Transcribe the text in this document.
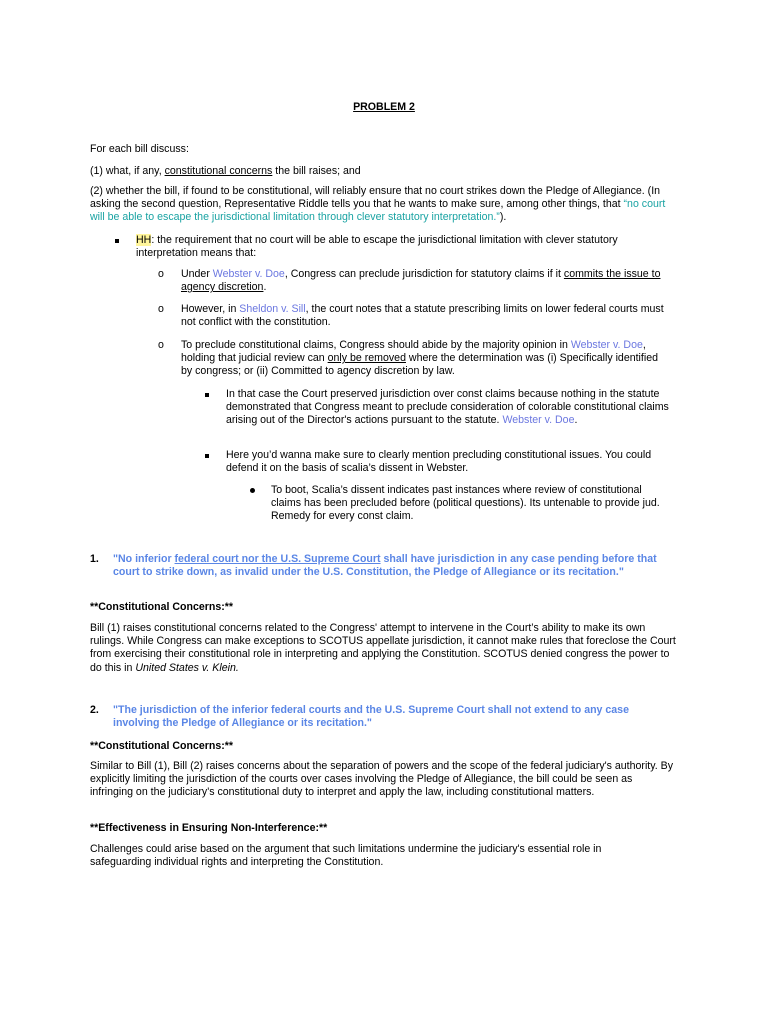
PROBLEM 2
For each bill discuss:
(1) what, if any, constitutional concerns the bill raises; and
(2) whether the bill, if found to be constitutional, will reliably ensure that no court strikes down the Pledge of Allegiance. (In asking the second question, Representative Riddle tells you that he wants to make sure, among other things, that “no court will be able to escape the jurisdictional limitation through clever statutory interpretation.”).
HH: the requirement that no court will be able to escape the jurisdictional limitation with clever statutory interpretation means that:
o Under Webster v. Doe, Congress can preclude jurisdiction for statutory claims if it commits the issue to agency discretion.
o However, in Sheldon v. Sill, the court notes that a statute prescribing limits on lower federal courts must not conflict with the constitution.
o To preclude constitutional claims, Congress should abide by the majority opinion in Webster v. Doe, holding that judicial review can only be removed where the determination was (i) Specifically identified by congress; or (ii) Committed to agency discretion by law.
In that case the Court preserved jurisdiction over const claims because nothing in the statute demonstrated that Congress meant to preclude consideration of colorable constitutional claims arising out of the Director's actions pursuant to the statute. Webster v. Doe.
Here you’d wanna make sure to clearly mention precluding constitutional issues. You could defend it on the basis of scalia’s dissent in Webster.
To boot, Scalia’s dissent indicates past instances where review of constitutional claims has been precluded before (political questions). Its untenable to provide jud. Remedy for every const claim.
1. "No inferior federal court nor the U.S. Supreme Court shall have jurisdiction in any case pending before that court to strike down, as invalid under the U.S. Constitution, the Pledge of Allegiance or its recitation."
**Constitutional Concerns:**
Bill (1) raises constitutional concerns related to the Congress' attempt to intervene in the Court’s ability to make its own rulings. While Congress can make exceptions to SCOTUS appellate jurisdiction, it cannot make rules that foreclose the Court from exercising their constitutional role in interpreting and applying the Constitution. SCOTUS denied congress the power to do this in United States v. Klein.
2. "The jurisdiction of the inferior federal courts and the U.S. Supreme Court shall not extend to any case involving the Pledge of Allegiance or its recitation."
**Constitutional Concerns:**
Similar to Bill (1), Bill (2) raises concerns about the separation of powers and the scope of the federal judiciary's authority. By explicitly limiting the jurisdiction of the courts over cases involving the Pledge of Allegiance, the bill could be seen as infringing on the judiciary's constitutional duty to interpret and apply the law, including constitutional matters.
**Effectiveness in Ensuring Non-Interference:**
Challenges could arise based on the argument that such limitations undermine the judiciary's essential role in safeguarding individual rights and interpreting the Constitution.
